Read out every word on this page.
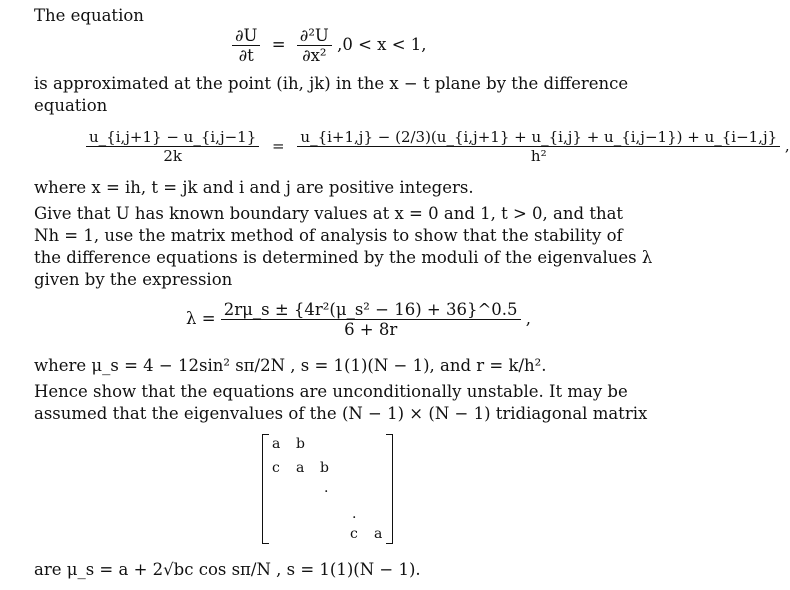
The equation
$\frac{\partial U}{\partial t} = \frac{\text{∂²U}}{\text{∂x²}} ,0 < x < 1$,
is approximated at the point (ih, jk) in the x − t plane by the difference
equation
$\frac{u\_\{i,j+1\} - u\_\{i,j-1\}}{2k}$ = u_{i+1,j} − (2/3)(u_{i,j+1} + u_{i,j} + u_{i,j−1}) + u_{i−1,j}
h²
,
where x = ih, t = jk and i and j are positive integers.
Give that U has known boundary values at x = 0 and 1, t > 0, and that
Nh = 1, use the matrix method of analysis to show that the stability of
the difference equations is determined by the moduli of the eigenvalues λ
given by the expression
$\lambda = \frac{\text{2rμ\_s ± \{4r²(μ\_s² − 16) + 36\}\textasciicircum{}0.5}}{6 + 8r}$ ,
where μ_s = 4 − 12sin² sπ/2N , s = 1(1)(N − 1), and r = k/h².
Hence show that the equations are unconditionally unstable. It may be
assumed that the eigenvalues of the (N − 1) × (N − 1) tridiagonal matrix
a b
c a b
.
.
c a
are μ_s = a + 2√bc cos sπ/N , s = 1(1)(N − 1).
